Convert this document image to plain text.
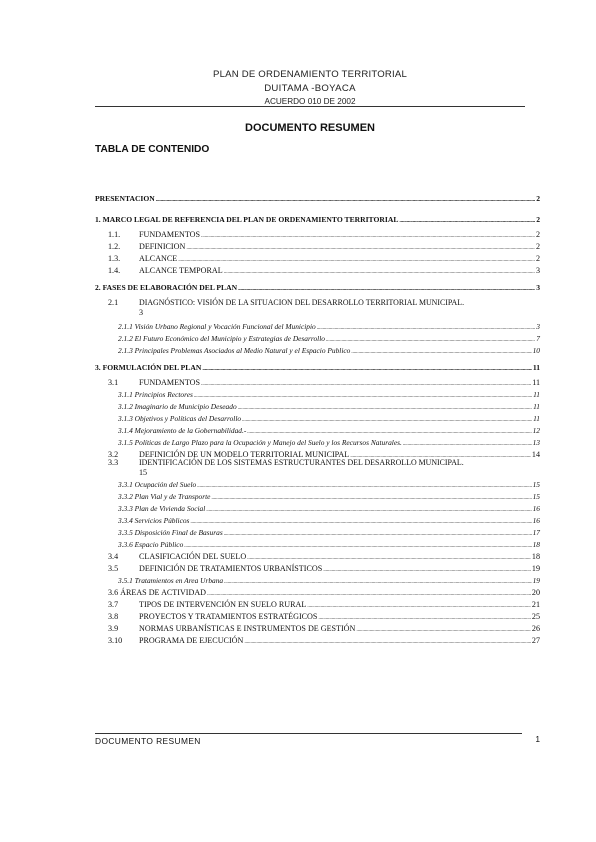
PLAN DE ORDENAMIENTO TERRITORIAL
DUITAMA -BOYACA
ACUERDO 010 DE 2002
DOCUMENTO RESUMEN
TABLA DE CONTENIDO
PRESENTACION .....	2
1. MARCO LEGAL DE REFERENCIA DEL PLAN DE ORDENAMIENTO TERRITORIAL .....	2
1.1.	FUNDAMENTOS .....	2
1.2.	DEFINICION .....	2
1.3.	ALCANCE .....	2
1.4.	ALCANCE TEMPORAL .....	3
2. FASES DE ELABORACIÓN DEL PLAN .....	3
2.1	DIAGNÓSTICO: VISIÓN DE LA SITUACION DEL DESARROLLO TERRITORIAL MUNICIPAL.
3
2.1.1 Visión Urbano Regional y Vocación Funcional del Municipio .....	3
2.1.2 El Futuro Económico del Municipio y Estrategias de Desarrollo .....	7
2.1.3 Principales Problemas Asociados al Medio Natural y el Espacio Publico .....	10
3. FORMULACIÓN DEL PLAN .....	11
3.1	FUNDAMENTOS .....	11
3.1.1 Principios Rectores .....	11
3.1.2 Imaginario de Municipio Deseado .....	11
3.1.3 Objetivos y Políticas del Desarrollo .....	11
3.1.4 Mejoramiento de la Gobernabilidad.- .....	12
3.1.5 Políticas de Largo Plazo para la Ocupación y Manejo del Suelo y los Recursos Naturales. .....	13
3.2	DEFINICIÓN DE UN MODELO TERRITORIAL MUNICIPAL .....	14
3.3	IDENTIFICACIÓN DE LOS SISTEMAS ESTRUCTURANTES DEL DESARROLLO MUNICIPAL.
15
3.3.1 Ocupación del Suelo .....	15
3.3.2 Plan Vial y de Transporte .....	15
3.3.3 Plan de Vivienda Social .....	16
3.3.4 Servicios Públicos .....	16
3.3.5 Disposición Final de Basuras .....	17
3.3.6 Espacio Público .....	18
3.4	CLASIFICACIÓN DEL SUELO .....	18
3.5	DEFINICIÓN DE TRATAMIENTOS URBANÍSTICOS .....	19
3.5.1 Tratamientos en Area Urbana .....	19
3.6 ÁREAS DE ACTIVIDAD .....	20
3.7	TIPOS DE INTERVENCIÓN EN SUELO RURAL .....	21
3.8	PROYECTOS Y TRATAMIENTOS ESTRATÉGICOS .....	25
3.9	NORMAS URBANÍSTICAS E INSTRUMENTOS DE GESTIÓN .....	26
3.10	PROGRAMA DE EJECUCIÓN .....	27
DOCUMENTO RESUMEN	1
